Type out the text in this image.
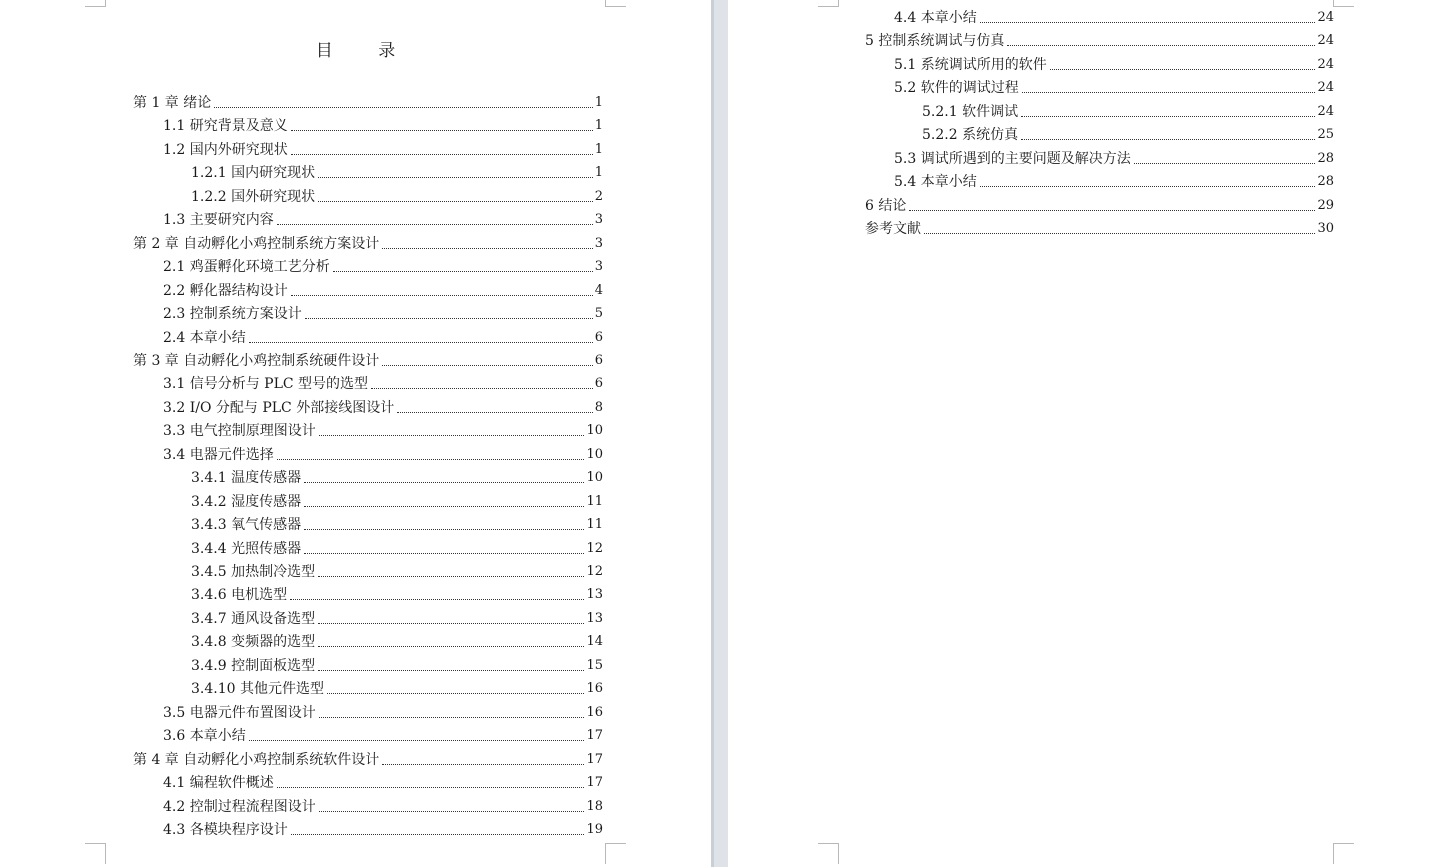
目 录
第 1 章 绪论	1
1.1 研究背景及意义	1
1.2 国内外研究现状	1
1.2.1 国内研究现状	1
1.2.2 国外研究现状	2
1.3 主要研究内容	3
第 2 章 自动孵化小鸡控制系统方案设计	3
2.1 鸡蛋孵化环境工艺分析	3
2.2 孵化器结构设计	4
2.3 控制系统方案设计	5
2.4 本章小结	6
第 3 章 自动孵化小鸡控制系统硬件设计	6
3.1 信号分析与 PLC 型号的选型	6
3.2 I/O 分配与 PLC 外部接线图设计	8
3.3 电气控制原理图设计	10
3.4 电器元件选择	10
3.4.1 温度传感器	10
3.4.2 湿度传感器	11
3.4.3 氧气传感器	11
3.4.4 光照传感器	12
3.4.5 加热制冷选型	12
3.4.6 电机选型	13
3.4.7 通风设备选型	13
3.4.8 变频器的选型	14
3.4.9 控制面板选型	15
3.4.10 其他元件选型	16
3.5 电器元件布置图设计	16
3.6 本章小结	17
第 4 章 自动孵化小鸡控制系统软件设计	17
4.1 编程软件概述	17
4.2 控制过程流程图设计	18
4.3 各模块程序设计	19
4.4 本章小结	24
5 控制系统调试与仿真	24
5.1 系统调试所用的软件	24
5.2 软件的调试过程	24
5.2.1 软件调试	24
5.2.2 系统仿真	25
5.3 调试所遇到的主要问题及解决方法	28
5.4 本章小结	28
6 结论	29
参考文献	30
